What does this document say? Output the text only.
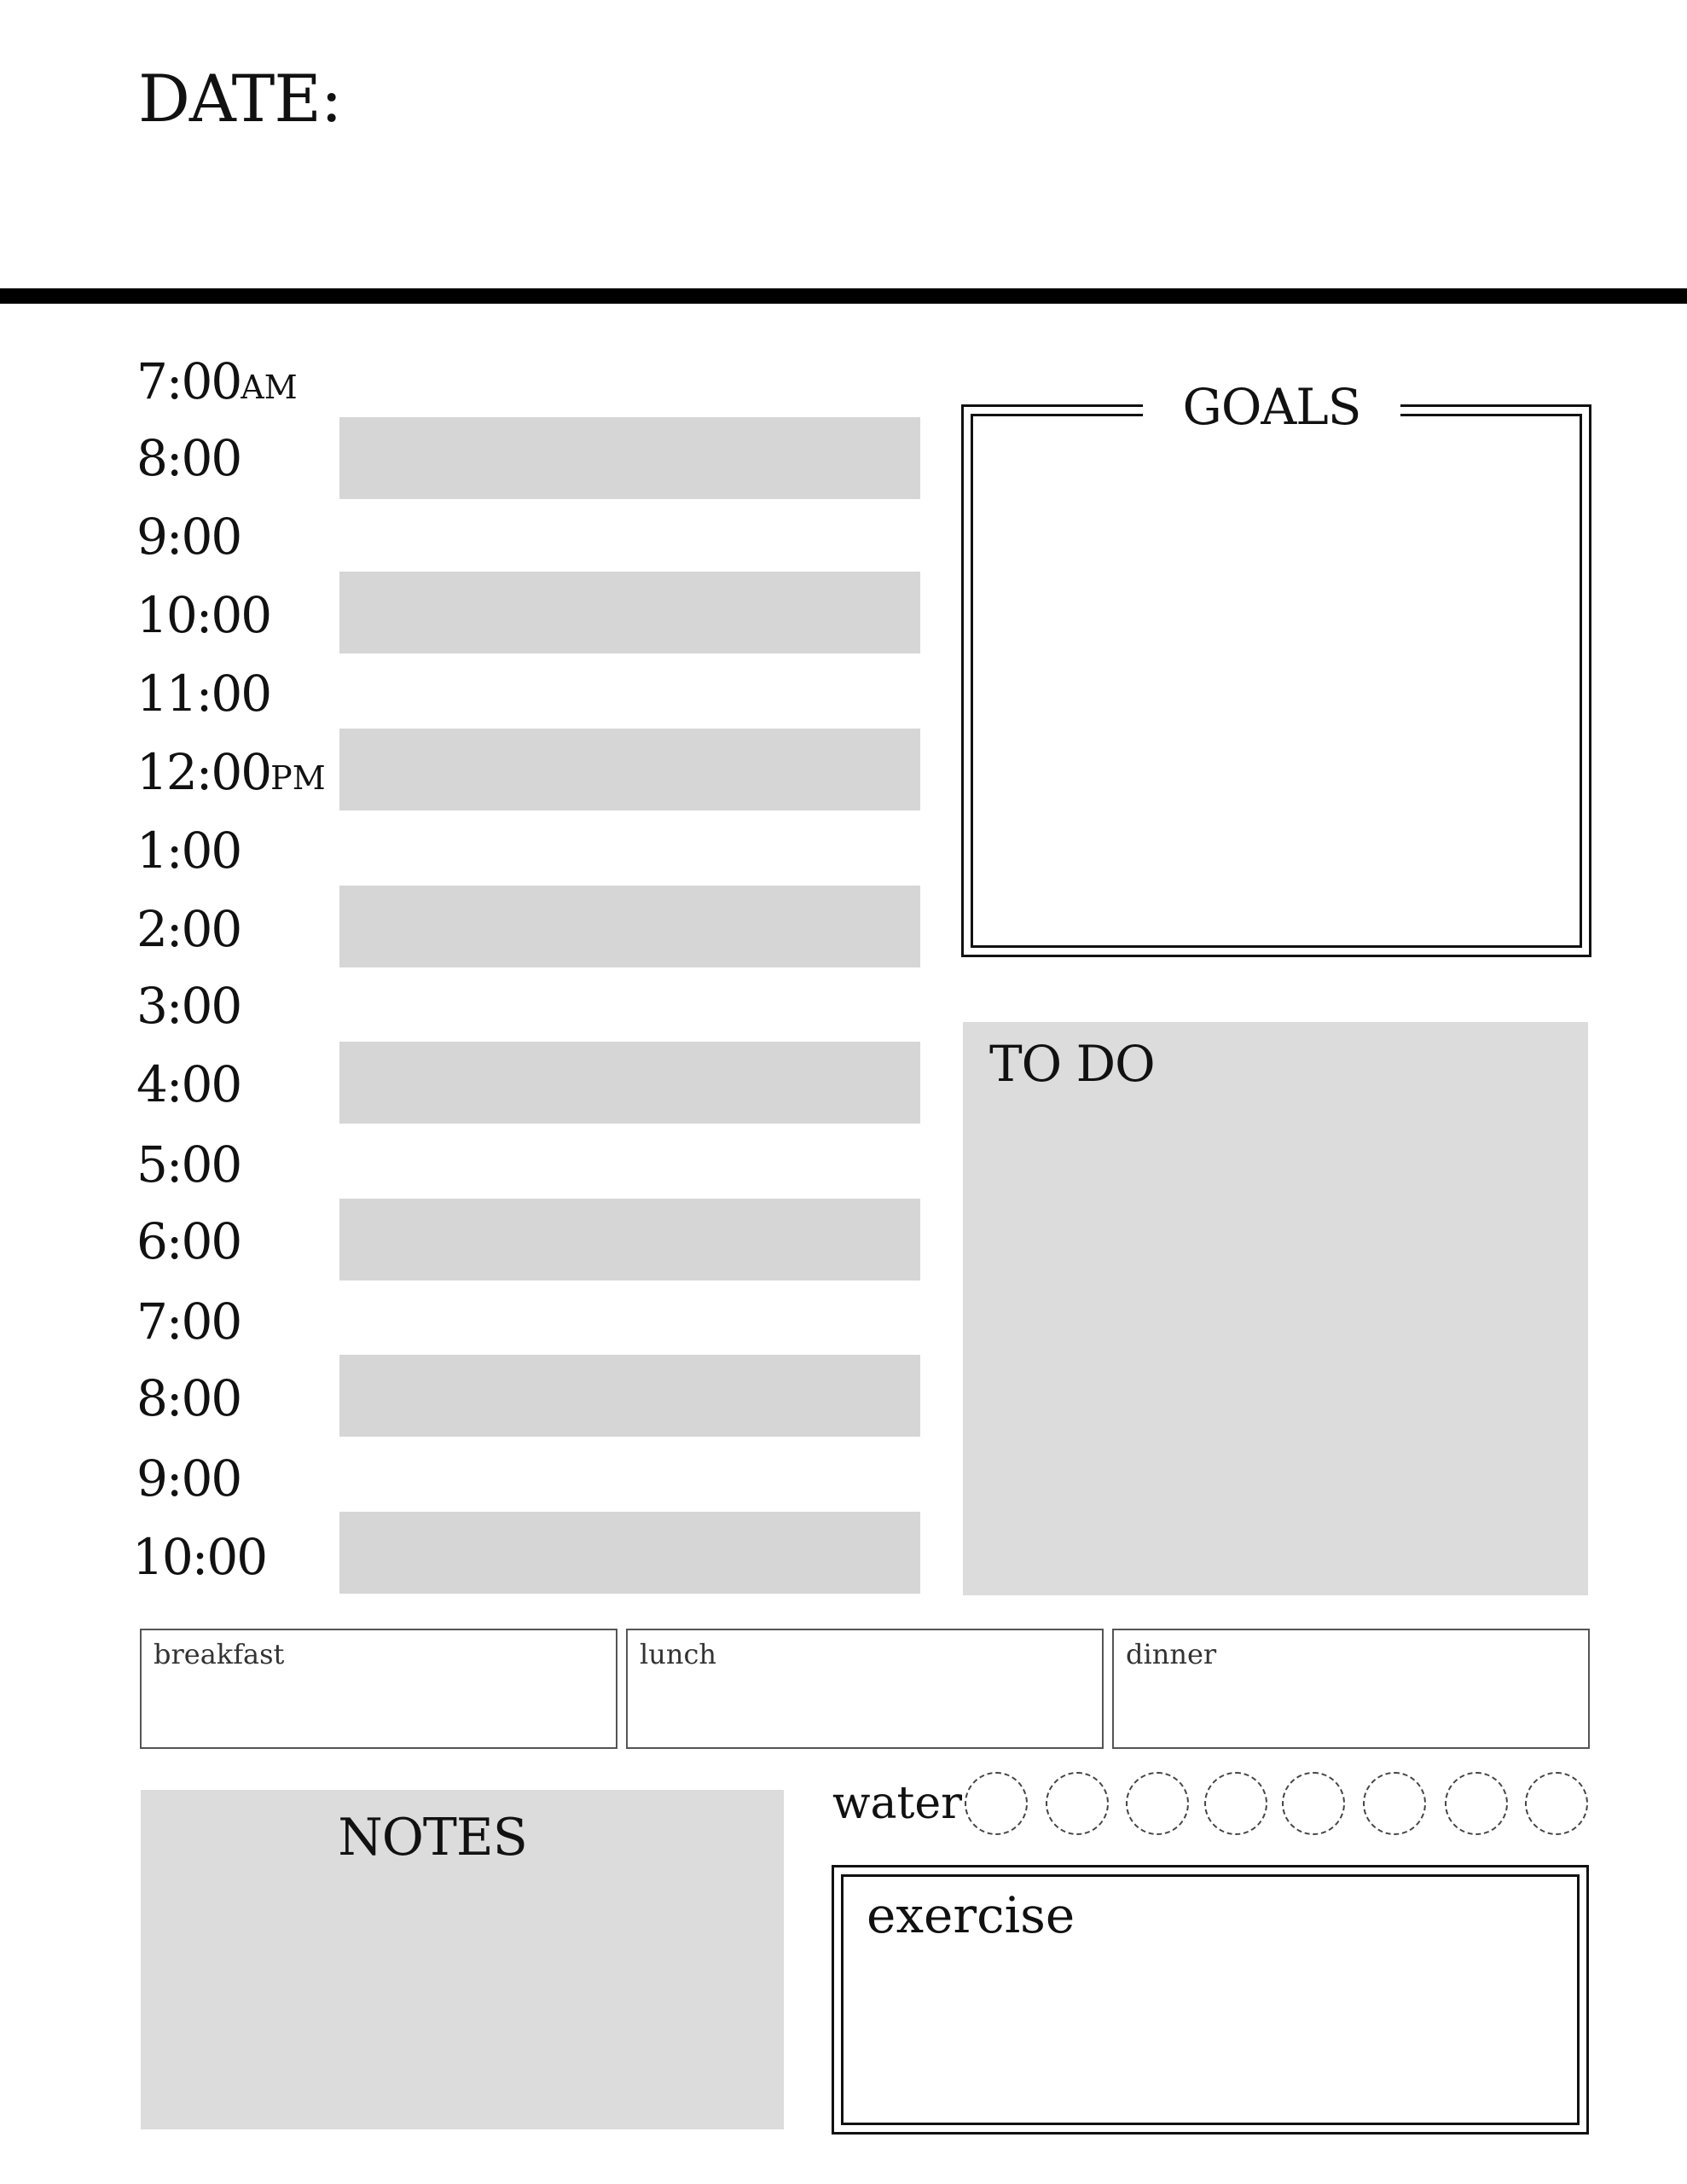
DATE:
7:00AM
8:00
9:00
10:00
11:00
12:00PM
1:00
2:00
3:00
4:00
5:00
6:00
7:00
8:00
9:00
10:00
GOALS
TO DO
breakfast	lunch	dinner
NOTES
water
exercise
